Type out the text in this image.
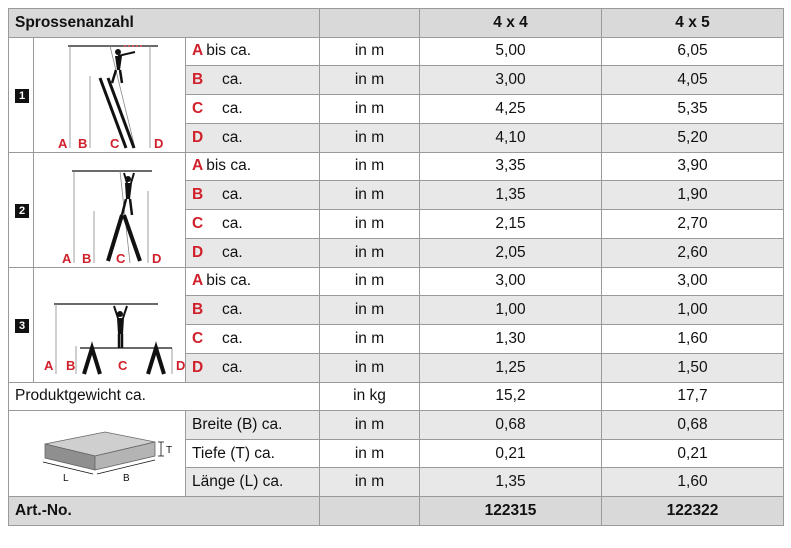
Sprossenanzahl				4 x 4	4 x 5
1	A B C D	A bis ca.	in m	5,00	6,05
		B ca.	in m	3,00	4,05
		C ca.	in m	4,25	5,35
		D ca.	in m	4,10	5,20
2	A B C D	A bis ca.	in m	3,35	3,90
		B ca.	in m	1,35	1,90
		C ca.	in m	2,15	2,70
		D ca.	in m	2,05	2,60
3	A B C D	A bis ca.	in m	3,00	3,00
		B ca.	in m	1,00	1,00
		C ca.	in m	1,30	1,60
		D ca.	in m	1,25	1,50
Produktgewicht ca.			in kg	15,2	17,7

T
L B		Breite (B) ca.	in m	0,68	0,68
		Tiefe (T) ca.	in m	0,21	0,21
		Länge (L) ca.	in m	1,35	1,60
Art.-No.				122315	122322
